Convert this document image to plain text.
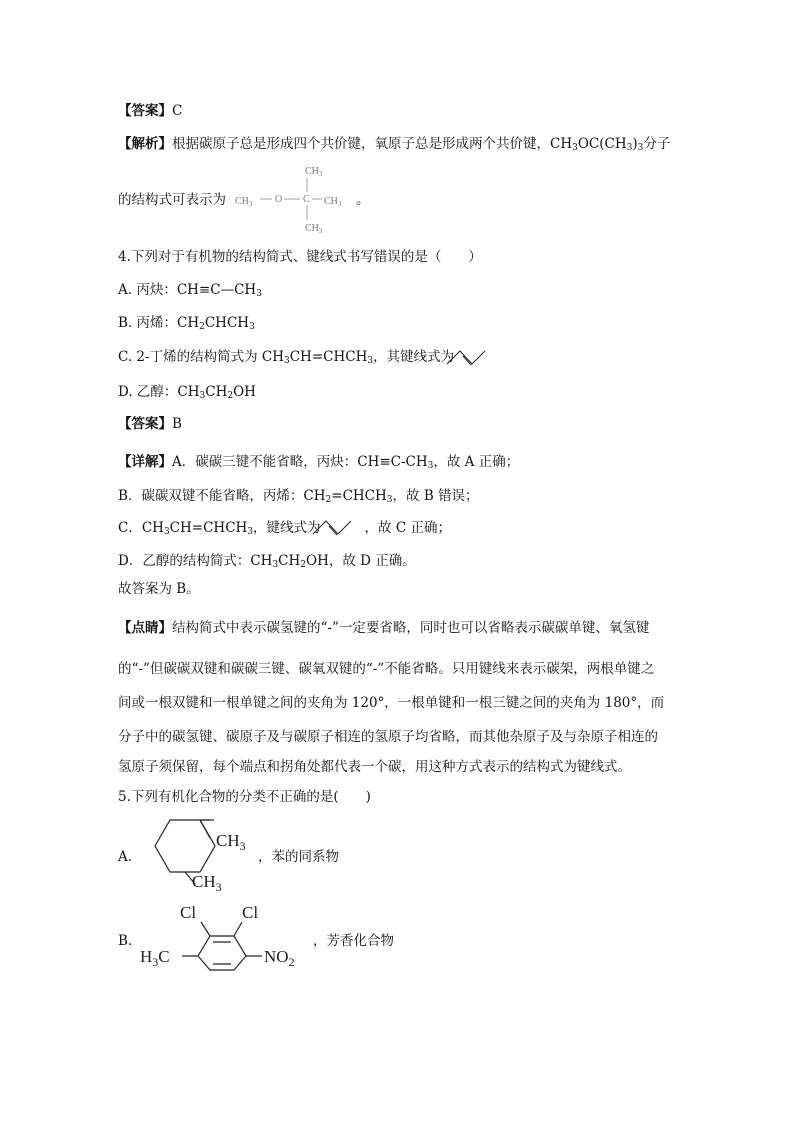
【答案】C
【解析】根据碳原子总是形成四个共价键，氧原子总是形成两个共价键，$CH_3OC(CH_3)_3$分子
的结构式可表示为
$CH_3$
$CH_3$ O C $CH_3$
$CH_3$
。
4.下列对于有机物的结构简式、键线式书写错误的是（　　）
A. 丙炔：$CH\equiv C—CH_3$
B. 丙烯：$CH_2CHCH_3$
C. 2-丁烯的结构简式为 $CH_3CH=CHCH_3$，其键线式为
D. 乙醇：$CH_3CH_2OH$
【答案】B
【详解】A．碳碳三键不能省略，丙炔：$CH\equiv C-CH_3$，故 A 正确；
B．碳碳双键不能省略，丙烯：$CH_2=CHCH_3$，故 B 错误；
C．$CH_3CH=CHCH_3$，键线式为	，故 C 正确；
D．乙醇的结构简式：$CH_3CH_2OH$，故 D 正确。
故答案为 B。
【点睛】结构简式中表示碳氢键的“-”一定要省略，同时也可以省略表示碳碳单键、氧氢键
的“-”但碳碳双键和碳碳三键、碳氧双键的“-”不能省略。只用键线来表示碳架，两根单键之
间或一根双键和一根单键之间的夹角为 120°，一根单键和一根三键之间的夹角为 180°，而
分子中的碳氢键、碳原子及与碳原子相连的氢原子均省略，而其他杂原子及与杂原子相连的
氢原子须保留，每个端点和拐角处都代表一个碳，用这种方式表示的结构式为键线式。
5.下列有机化合物的分类不正确的是(　　)
A.
$CH_3$
$CH_3$
，苯的同系物
B.
Cl	Cl
$H_3C$	$NO_2$
，芳香化合物
